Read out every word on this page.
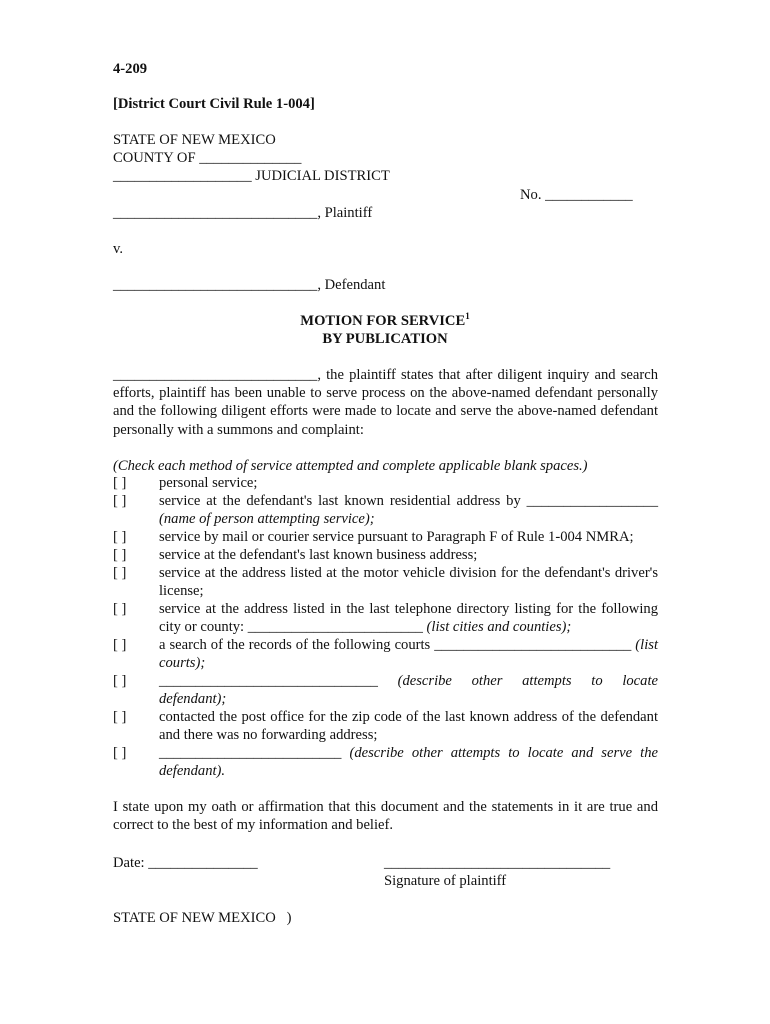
4-209
[District Court Civil Rule 1-004]
STATE OF NEW MEXICO
COUNTY OF ______________
___________________ JUDICIAL DISTRICT
No. ____________
____________________________, Plaintiff
v.
____________________________, Defendant
MOTION FOR SERVICE$^1$
BY PUBLICATION
____________________________, the plaintiff states that after diligent inquiry and search
efforts, plaintiff has been unable to serve process on the above-named defendant personally
and the following diligent efforts were made to locate and serve the above-named defendant
personally with a summons and complaint:
(Check each method of service attempted and complete applicable blank spaces.)
[ ]	personal service;
[ ]	service at the defendant's last known residential address by __________________
(name of person attempting service);
[ ]	service by mail or courier service pursuant to Paragraph F of Rule 1-004 NMRA;
[ ]	service at the defendant's last known business address;
[ ]	service at the address listed at the motor vehicle division for the defendant's driver's
license;
[ ]	service at the address listed in the last telephone directory listing for the following
city or county: ________________________ (list cities and counties);
[ ]	a search of the records of the following courts ___________________________ (list
courts);
[ ]	______________________________ (describe other attempts to locate
defendant);
[ ]	contacted the post office for the zip code of the last known address of the defendant
and there was no forwarding address;
[ ]	_________________________ (describe other attempts to locate and serve the
defendant).
I state upon my oath or affirmation that this document and the statements in it are true and
correct to the best of my information and belief.
Date: _______________	_______________________________
Signature of plaintiff
STATE OF NEW MEXICO   )
